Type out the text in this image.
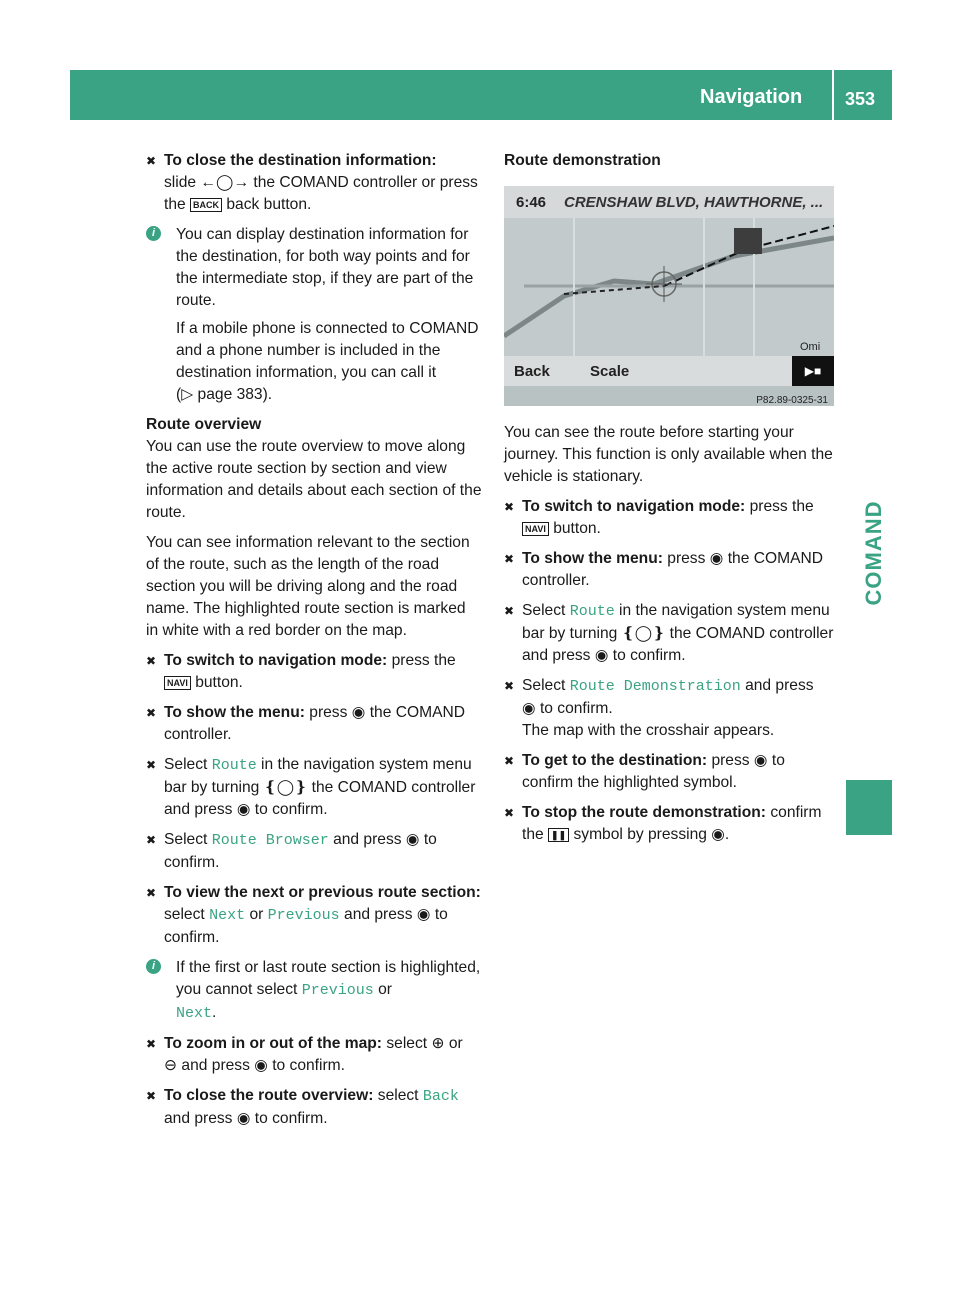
Navigation 353
COMAND
✖ To close the destination information:
slide ←◯→ the COMAND controller or press the BACK back button.
i	You can display destination information for the destination, for both way points and for the intermediate stop, if they are part of the route.

If a mobile phone is connected to COMAND and a phone number is included in the destination information, you can call it

(▷ page 383).

Route overview

You can use the route overview to move along the active route section by section and view information and details about each section of the route.

You can see information relevant to the section of the route, such as the length of the road section you will be driving along and the road name. The highlighted route section is marked in white with a red border on the map.

✖ To switch to navigation mode: press the
NAVI button.
✖ To show the menu: press ◉ the COMAND controller.
✖ Select Route in the navigation system menu bar by turning ❴◯❵ the COMAND controller and press ◉ to confirm.
✖ Select Route Browser and press ◉ to confirm.
✖ To view the next or previous route section: select Next or Previous and press ◉ to confirm.
i	If the first or last route section is highlighted, you cannot select Previous or
Next.
✖ To zoom in or out of the map: select ⊕ or
⊖ and press ◉ to confirm.
✖ To close the route overview: select Back
and press ◉ to confirm.

Route demonstration

6:46 CRENSHAW BLVD, HAWTHORNE, ...
Omi
Back	Scale	▶■
P82.89-0325-31

You can see the route before starting your journey. This function is only available when the vehicle is stationary.

✖ To switch to navigation mode: press the
NAVI button.
✖ To show the menu: press ◉ the COMAND controller.
✖ Select Route in the navigation system menu bar by turning ❴◯❵ the COMAND controller and press ◉ to confirm.
✖ Select Route Demonstration and press
◉ to confirm.
The map with the crosshair appears.
✖ To get to the destination: press ◉ to confirm the highlighted symbol.
✖ To stop the route demonstration: confirm the ❚❚ symbol by pressing ◉.
